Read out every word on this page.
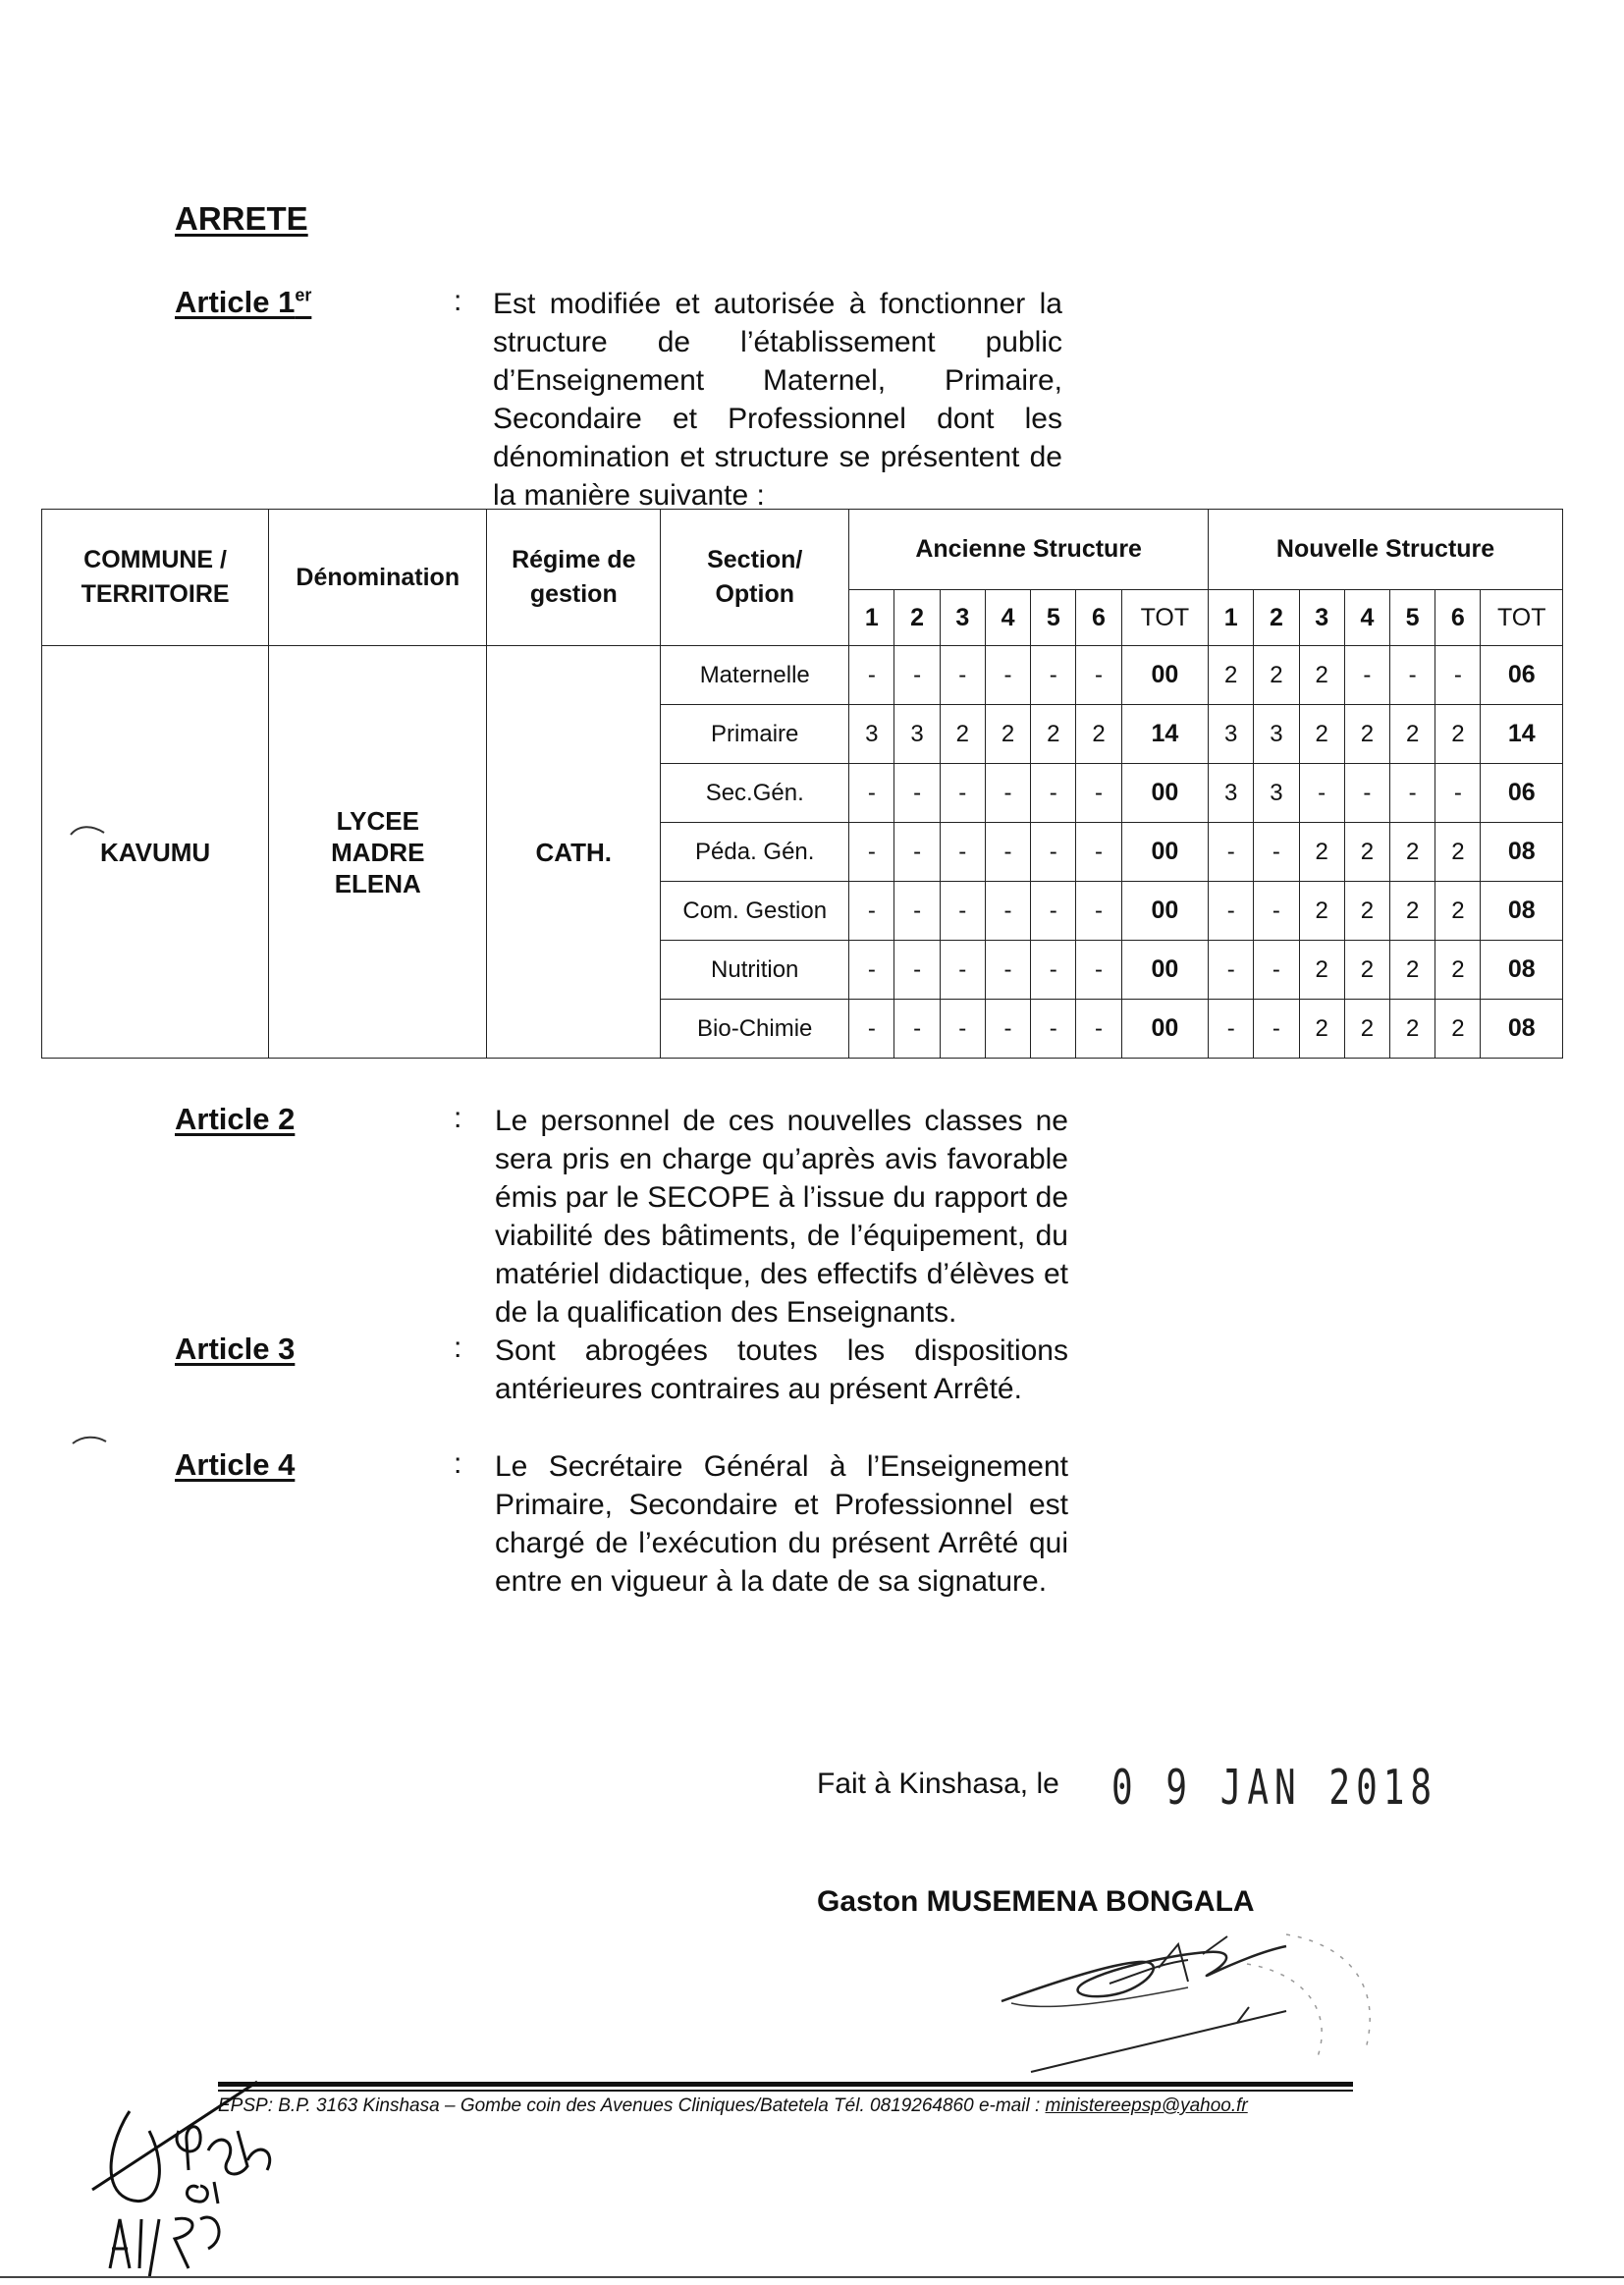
ARRETE
Article 1er	: Est modifiée et autorisée à fonctionner la structure de l’établissement public d’Enseignement Maternel, Primaire, Secondaire et Professionnel dont les dénomination et structure se présentent de la manière suivante :
COMMUNE / TERRITOIRE	Dénomination	Régime de gestion	Section/ Option	Ancienne Structure							Nouvelle Structure						
				1	2	3	4	5	6	TOT	1	2	3	4	5	6	TOT
KAVUMU	LYCEE MADRE ELENA	CATH.	Maternelle	-	-	-	-	-	-	00	2	2	2	-	-	-	06
			Primaire	3	3	2	2	2	2	14	3	3	2	2	2	2	14
			Sec.Gén.	-	-	-	-	-	-	00	3	3	-	-	-	-	06
			Péda. Gén.	-	-	-	-	-	-	00	-	-	2	2	2	2	08
			Com. Gestion	-	-	-	-	-	-	00	-	-	2	2	2	2	08
			Nutrition	-	-	-	-	-	-	00	-	-	2	2	2	2	08
			Bio-Chimie	-	-	-	-	-	-	00	-	-	2	2	2	2	08
Article 2	: Le personnel de ces nouvelles classes ne sera pris en charge qu’après avis favorable émis par le SECOPE à l’issue du rapport de viabilité des bâtiments, de l’équipement, du matériel didactique, des effectifs d’élèves et de la qualification des Enseignants.
Article 3	: Sont abrogées toutes les dispositions antérieures contraires au présent Arrêté.
Article 4	: Le Secrétaire Général à l’Enseignement Primaire, Secondaire et Professionnel est chargé de l’exécution du présent Arrêté qui entre en vigueur à la date de sa signature.
Fait à Kinshasa, le 0 9 JAN 2018
Gaston MUSEMENA BONGALA
EPSP: B.P. 3163 Kinshasa – Gombe coin des Avenues Cliniques/Batetela Tél. 0819264860 e-mail : ministereepsp@yahoo.fr
